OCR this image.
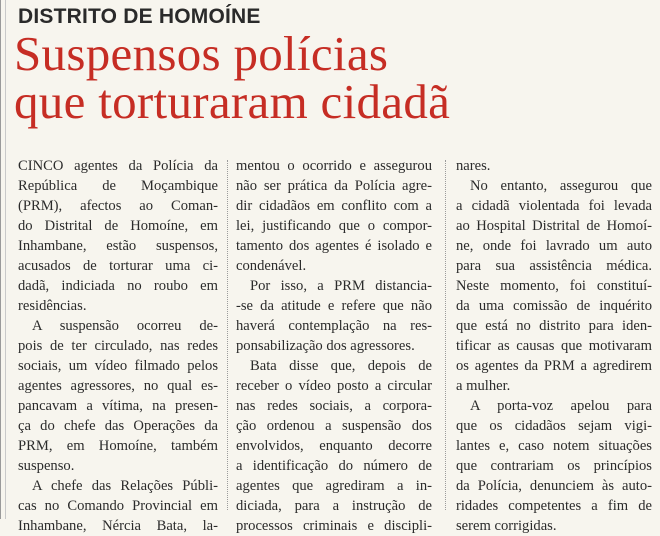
DISTRITO DE HOMOÍNE
Suspensos polícias
que torturaram cidadã
CINCO agentes da Polícia da
República de Moçambique
(PRM), afectos ao Coman-
do Distrital de Homoíne, em
Inhambane, estão suspensos,
acusados de torturar uma ci-
dadã, indiciada no roubo em
residências.
A suspensão ocorreu de-
pois de ter circulado, nas redes
sociais, um vídeo filmado pelos
agentes agressores, no qual es-
pancavam a vítima, na presen-
ça do chefe das Operações da
PRM, em Homoíne, também
suspenso.
A chefe das Relações Públi-
cas no Comando Provincial em
Inhambane, Nércia Bata, la-
mentou o ocorrido e assegurou
não ser prática da Polícia agre-
dir cidadãos em conflito com a
lei, justificando que o compor-
tamento dos agentes é isolado e
condenável.
Por isso, a PRM distancia-
-se da atitude e refere que não
haverá contemplação na res-
ponsabilização dos agressores.
Bata disse que, depois de
receber o vídeo posto a circular
nas redes sociais, a corpora-
ção ordenou a suspensão dos
envolvidos, enquanto decorre
a identificação do número de
agentes que agrediram a in-
diciada, para a instrução de
processos criminais e discipli-
nares.
No entanto, assegurou que
a cidadã violentada foi levada
ao Hospital Distrital de Homoí-
ne, onde foi lavrado um auto
para sua assistência médica.
Neste momento, foi constituí-
da uma comissão de inquérito
que está no distrito para iden-
tificar as causas que motivaram
os agentes da PRM a agredirem
a mulher.
A porta-voz apelou para
que os cidadãos sejam vigi-
lantes e, caso notem situações
que contrariam os princípios
da Polícia, denunciem às auto-
ridades competentes a fim de
serem corrigidas.
